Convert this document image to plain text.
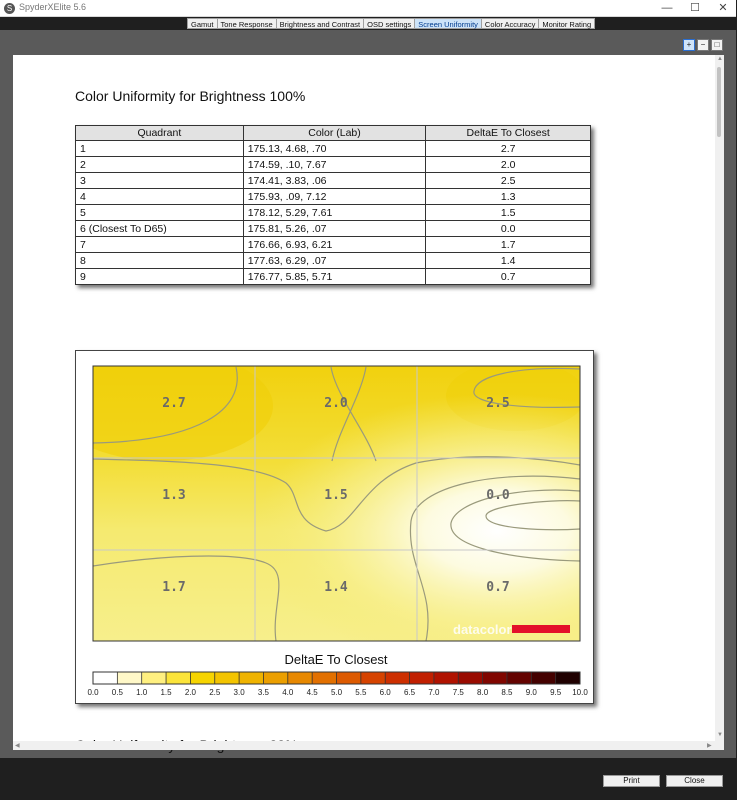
S SpyderXElite 5.6	—	☐	✕
Gamut Tone Response Brightness and Contrast OSD settings Screen Uniformity Color Accuracy Monitor Rating
+	−	□
Color Uniformity for Brightness 100%
Quadrant	Color (Lab)	DeltaE To Closest
1	175.13, 4.68, .70	2.7
2	174.59, .10, 7.67	2.0
3	174.41, 3.83, .06	2.5
4	175.93, .09, 7.12	1.3
5	178.12, 5.29, 7.61	1.5
6 (Closest To D65)	175.81, 5.26, .07	0.0
7	176.66, 6.93, 6.21	1.7
8	177.63, 6.29, .07	1.4
9	176.77, 5.85, 5.71	0.7
2.7	2.0	2.5
1.3	1.5	0.0
1.7	1.4	0.7
datacolor
DeltaE To Closest
0.0 0.5 1.0 1.5 2.0 2.5 3.0 3.5 4.0 4.5 5.0 5.5 6.0 6.5 7.0 7.5 8.0 8.5 9.0 9.5 10.0
▲
▼
◀	▶
Print	Close
